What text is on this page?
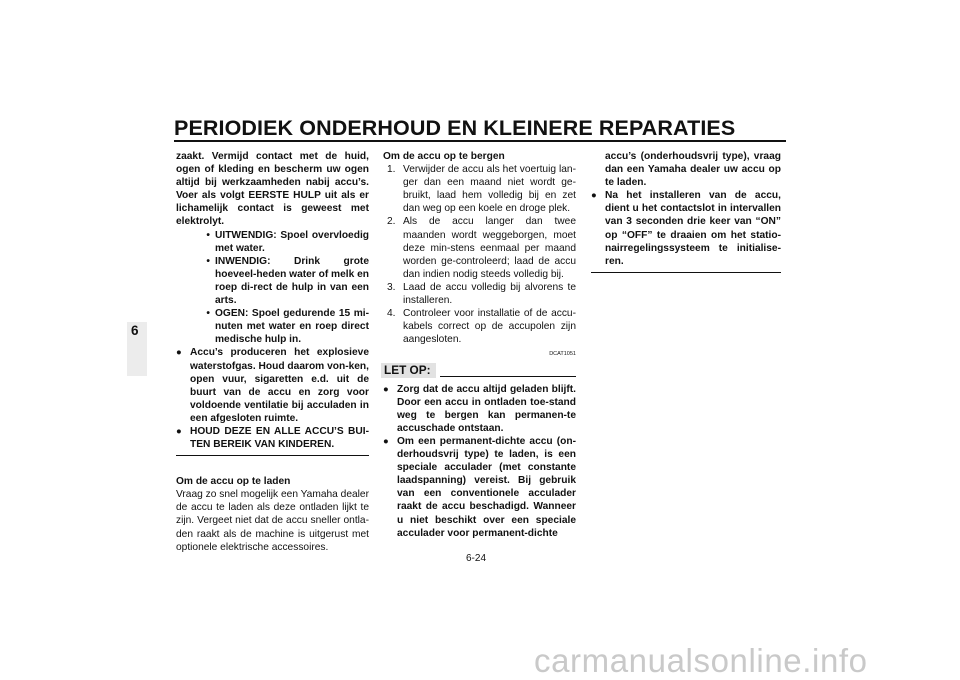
PERIODIEK ONDERHOUD EN KLEINERE REPARATIES
6

zaakt. Vermijd contact met de huid, ogen of kleding en bescherm uw ogen altijd bij werkzaamheden nabij accu’s. Voer als volgt EERSTE HULP uit als er lichamelijk contact is geweest met elektrolyt.

• UITWENDIG: Spoel overvloedig met water.
• INWENDIG: Drink grote hoeveel-heden water of melk en roep di-rect de hulp in van een arts.
• OGEN: Spoel gedurende 15 mi-nuten met water en roep direct medische hulp in.
● Accu’s produceren het explosieve waterstofgas. Houd daarom von-ken, open vuur, sigaretten e.d. uit de buurt van de accu en zorg voor voldoende ventilatie bij acculaden in een afgesloten ruimte.
● HOUD DEZE EN ALLE ACCU’S BUI-TEN BEREIK VAN KINDEREN.

Om de accu op te laden

Vraag zo snel mogelijk een Yamaha dealer de accu te laden als deze ontladen lijkt te zijn. Vergeet niet dat de accu sneller ontla-den raakt als de machine is uitgerust met optionele elektrische accessoires.

Om de accu op te bergen

1. Verwijder de accu als het voertuig lan-ger dan een maand niet wordt ge-bruikt, laad hem volledig bij en zet dan weg op een koele en droge plek.
2. Als de accu langer dan twee maanden wordt weggeborgen, moet deze min-stens eenmaal per maand worden ge-controleerd; laad de accu dan indien nodig steeds volledig bij.
3. Laad de accu volledig bij alvorens te installeren.
4. Controleer voor installatie of de accu-kabels correct op de accupolen zijn aangesloten.
DCAT1051
LET OP:
● Zorg dat de accu altijd geladen blijft. Door een accu in ontladen toe-stand weg te bergen kan permanen-te accuschade ontstaan.
● Om een permanent-dichte accu (on-derhoudsvrij type) te laden, is een speciale acculader (met constante laadspanning) vereist. Bij gebruik van een conventionele acculader raakt de accu beschadigd. Wanneer u niet beschikt over een speciale acculader voor permanent-dichte

accu’s (onderhoudsvrij type), vraag dan een Yamaha dealer uw accu op te laden.

● Na het installeren van de accu, dient u het contactslot in intervallen van 3 seconden drie keer van “ON” op “OFF” te draaien om het statio-nairregelingssysteem te initialise-ren.
6-24
carmanualsonline.info
